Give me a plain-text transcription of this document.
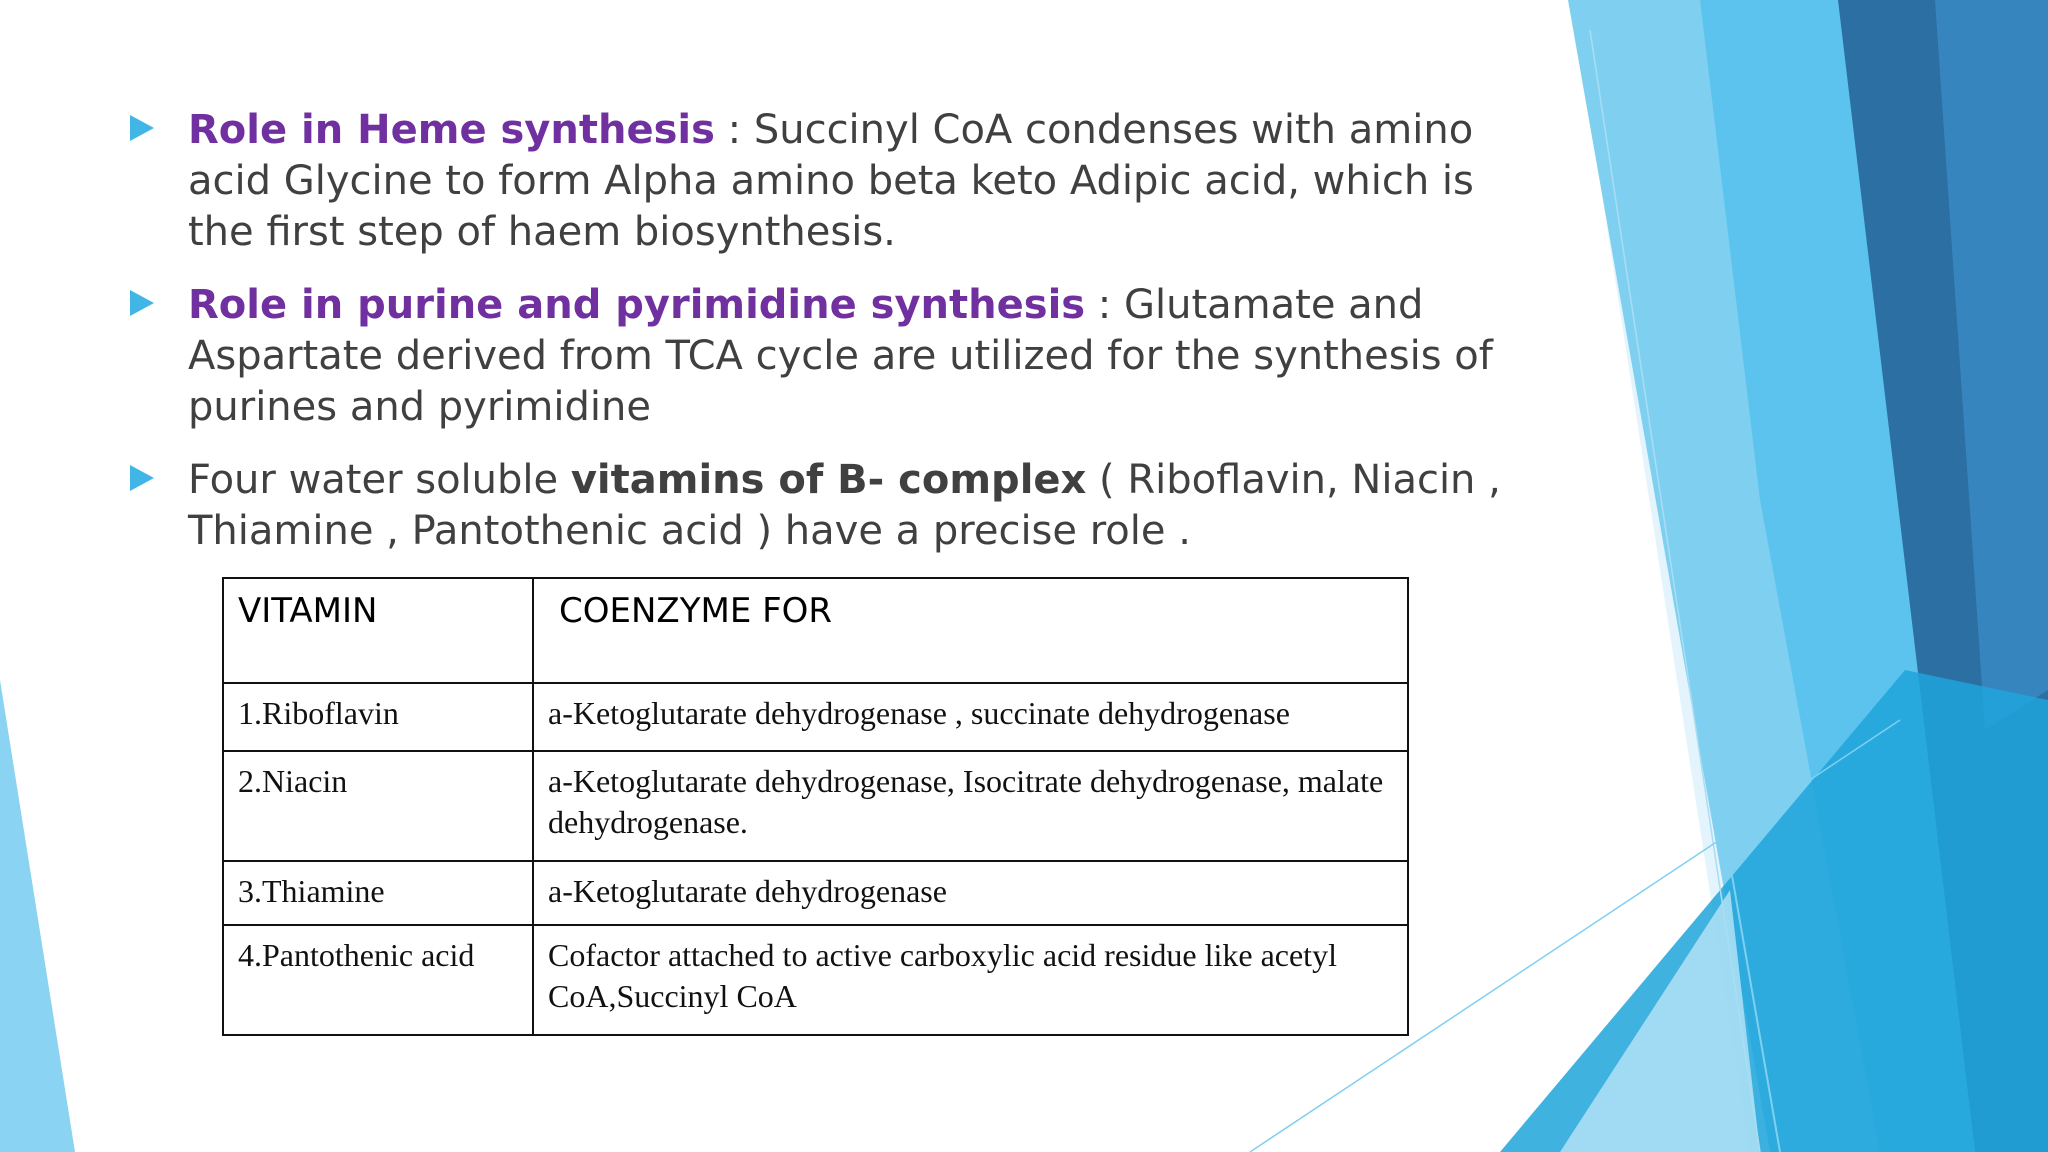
Role in Heme synthesis : Succinyl CoA condenses with amino acid Glycine to form Alpha amino beta keto Adipic acid, which is the first step of haem biosynthesis.
Role in purine and pyrimidine synthesis : Glutamate and Aspartate derived from TCA cycle are utilized for the synthesis of purines and pyrimidine
Four water soluble vitamins of B- complex ( Riboflavin, Niacin , Thiamine , Pantothenic acid ) have a precise role .
VITAMIN	COENZYME FOR
1.Riboflavin	a-Ketoglutarate dehydrogenase , succinate dehydrogenase
2.Niacin	a-Ketoglutarate dehydrogenase, Isocitrate dehydrogenase, malate dehydrogenase.
3.Thiamine	a-Ketoglutarate dehydrogenase
4.Pantothenic acid	Cofactor attached to active carboxylic acid residue like acetyl CoA,Succinyl CoA
